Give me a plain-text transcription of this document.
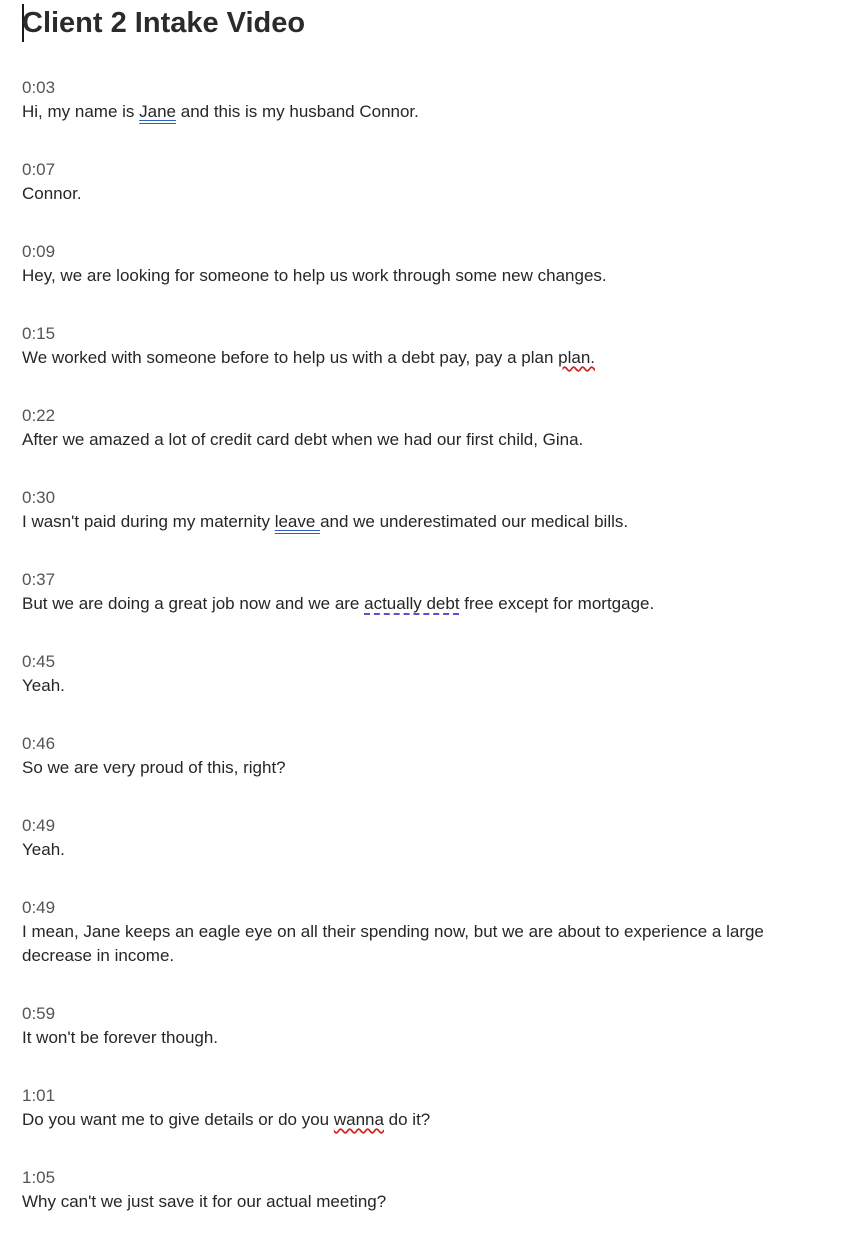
Client 2 Intake Video
0:03
Hi, my name is Jane and this is my husband Connor.
0:07
Connor.
0:09
Hey, we are looking for someone to help us work through some new changes.
0:15
We worked with someone before to help us with a debt pay, pay a plan plan.
0:22
After we amazed a lot of credit card debt when we had our first child, Gina.
0:30
I wasn't paid during my maternity leave and we underestimated our medical bills.
0:37
But we are doing a great job now and we are actually debt free except for mortgage.
0:45
Yeah.
0:46
So we are very proud of this, right?
0:49
Yeah.
0:49
I mean, Jane keeps an eagle eye on all their spending now, but we are about to experience a large
decrease in income.
0:59
It won't be forever though.
1:01
Do you want me to give details or do you wanna do it?
1:05
Why can't we just save it for our actual meeting?
